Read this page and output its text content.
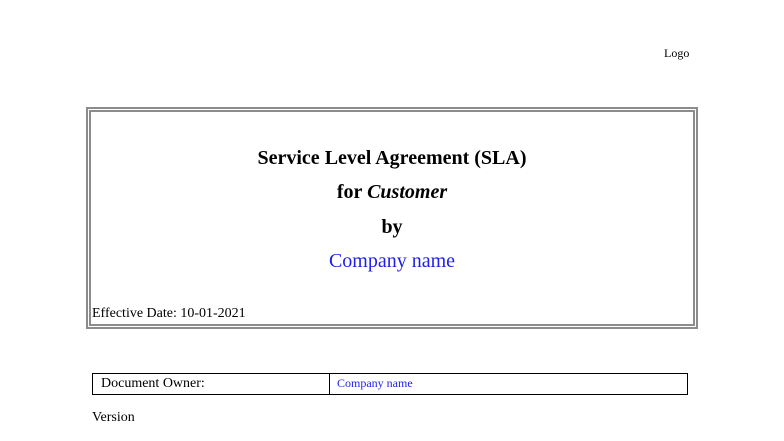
Logo
Service Level Agreement (SLA)
for Customer
by
Company name
Effective Date: 10-01-2021
Document Owner:	Company name
Version
